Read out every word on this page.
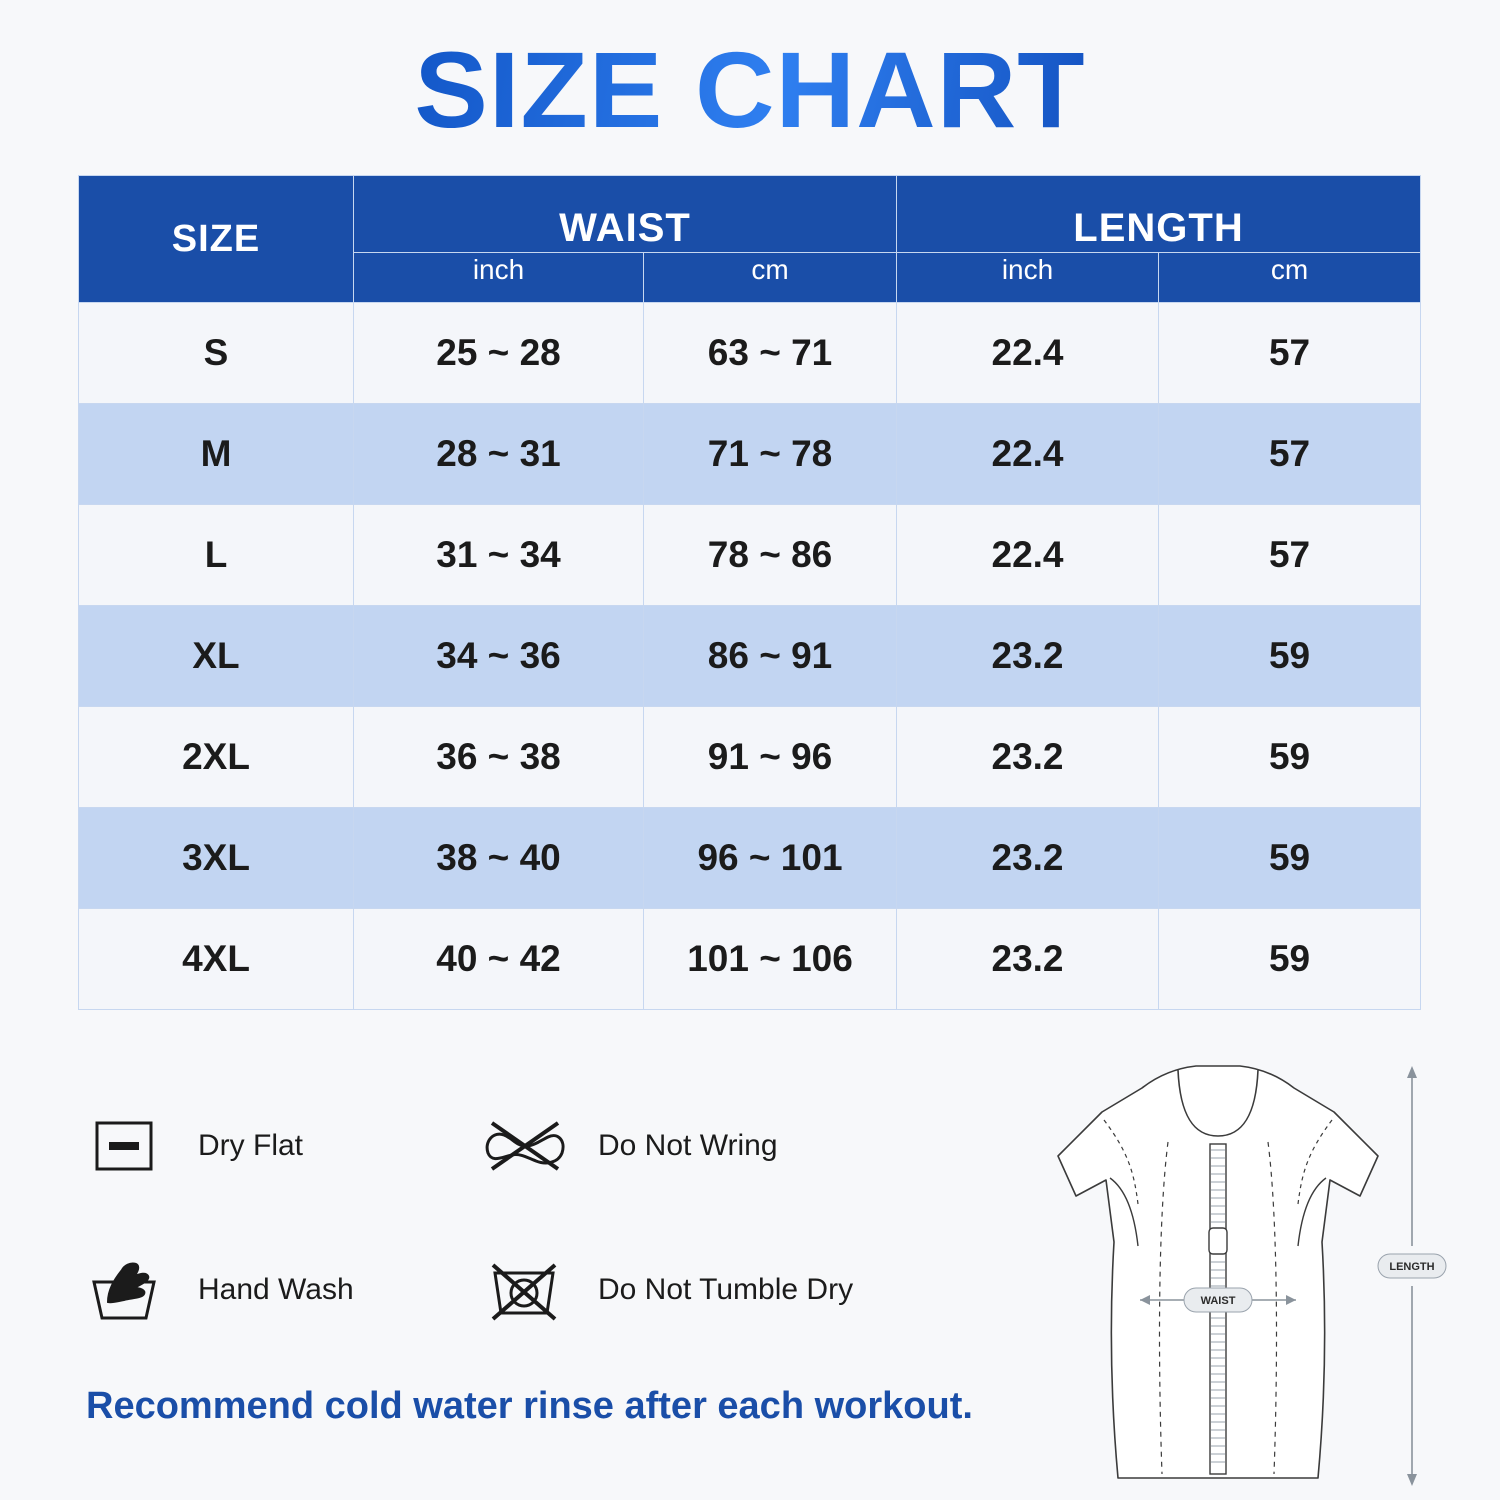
SIZE CHART
SIZE	WAIST		LENGTH	

	inch	cm	inch	cm
S	25 ~ 28	63 ~ 71	22.4	57
M	28 ~ 31	71 ~ 78	22.4	57
L	31 ~ 34	78 ~ 86	22.4	57
XL	34 ~ 36	86 ~ 91	23.2	59
2XL	36 ~ 38	91 ~ 96	23.2	59
3XL	38 ~ 40	96 ~ 101	23.2	59
4XL	40 ~ 42	101 ~ 106	23.2	59
Dry Flat	Do Not Wring
Hand Wash	Do Not Tumble Dry
Recommend cold water rinse after each workout.
WAIST
LENGTH
